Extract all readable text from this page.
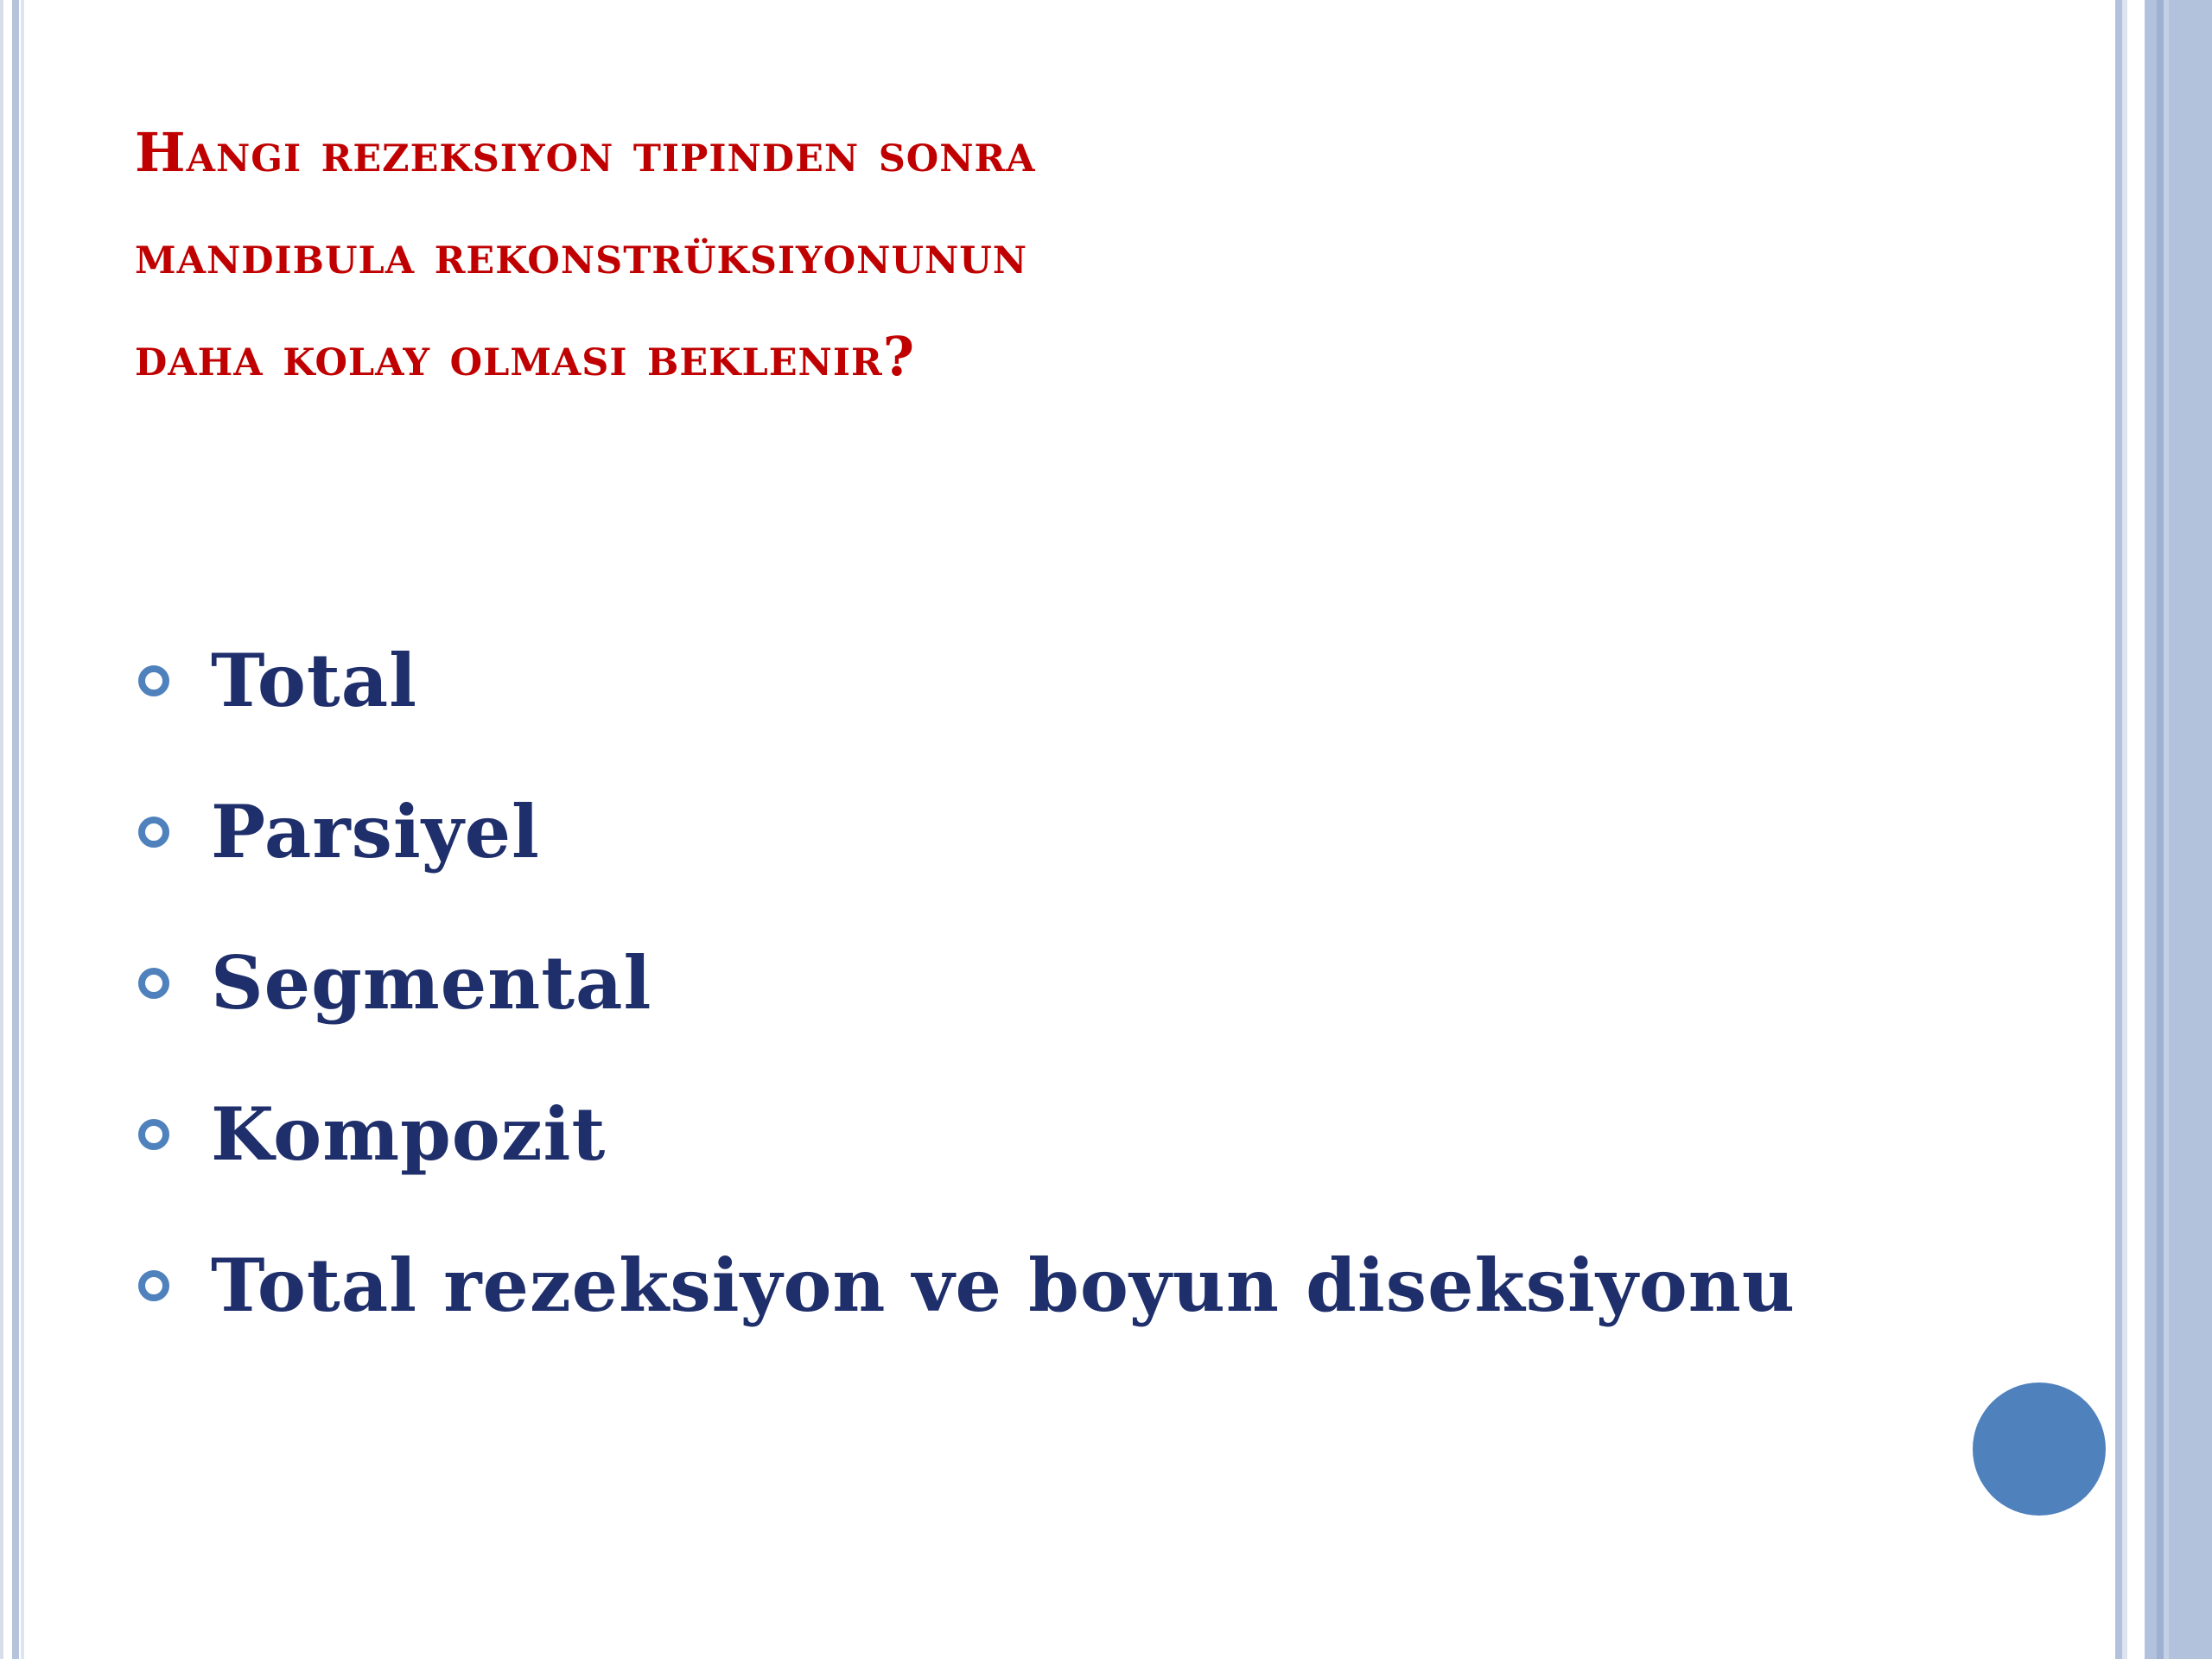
Hangi rezeksiyon tipinden sonra
mandibula rekonstrüksiyonunun
daha kolay olması beklenir?
Total
Parsiyel
Segmental
Kompozit
Total rezeksiyon ve boyun diseksiyonu
